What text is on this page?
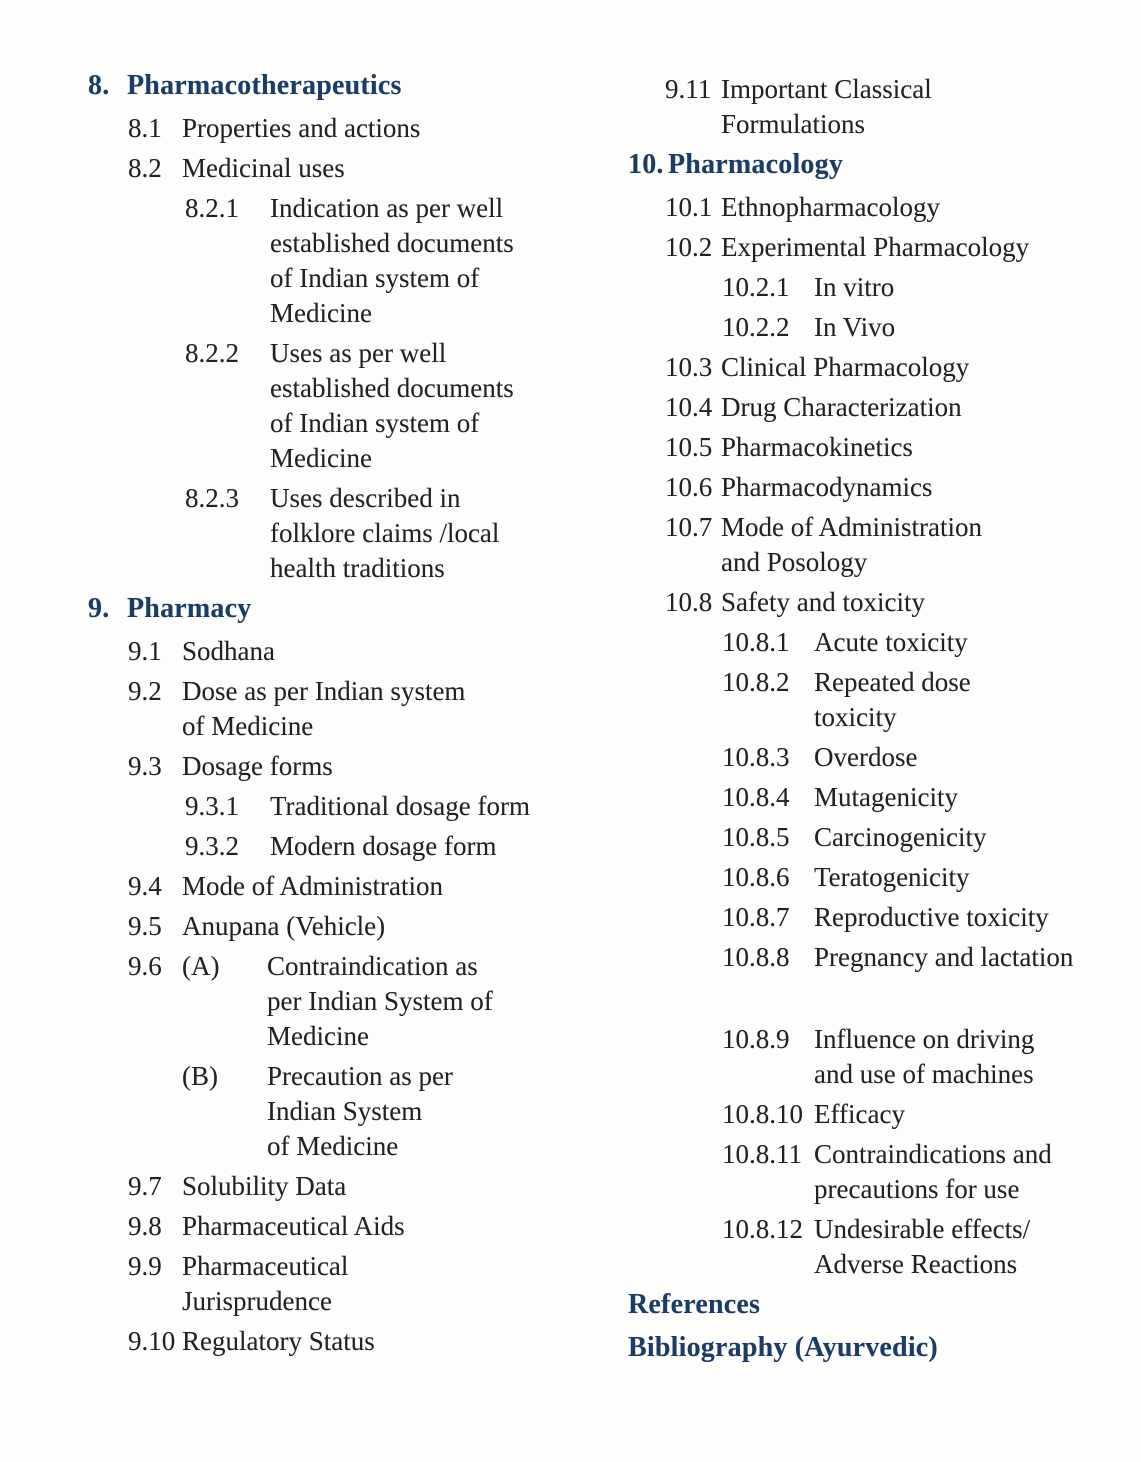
8. Pharmacotherapeutics
8.1 Properties and actions
8.2 Medicinal uses
8.2.1	Indication as per well
established documents
of Indian system of
Medicine
8.2.2	Uses as per well
established documents
of Indian system of
Medicine
8.2.3	Uses described in
folklore claims /local
health traditions
9. Pharmacy
9.1 Sodhana
9.2 Dose as per Indian system
of Medicine
9.3 Dosage forms
9.3.1	Traditional dosage form
9.3.2	Modern dosage form
9.4 Mode of Administration
9.5 Anupana (Vehicle)
9.6 (A)	Contraindication as
per Indian System of
Medicine
(B)	Precaution as per
Indian System
of Medicine
9.7 Solubility Data
9.8 Pharmaceutical Aids
9.9 Pharmaceutical
Jurisprudence
9.10 Regulatory Status
9.11 Important Classical
Formulations
10. Pharmacology
10.1 Ethnopharmacology
10.2 Experimental Pharmacology
10.2.1 In vitro
10.2.2 In Vivo
10.3 Clinical Pharmacology
10.4 Drug Characterization
10.5 Pharmacokinetics
10.6 Pharmacodynamics
10.7 Mode of Administration
and Posology
10.8 Safety and toxicity
10.8.1 Acute toxicity
10.8.2 Repeated dose
toxicity
10.8.3 Overdose
10.8.4 Mutagenicity
10.8.5 Carcinogenicity
10.8.6 Teratogenicity
10.8.7 Reproductive toxicity
10.8.8 Pregnancy and lactation
10.8.9 Influence on driving
and use of machines
10.8.10 Efficacy
10.8.11 Contraindications and
precautions for use
10.8.12 Undesirable effects/
Adverse Reactions
References
Bibliography (Ayurvedic)
